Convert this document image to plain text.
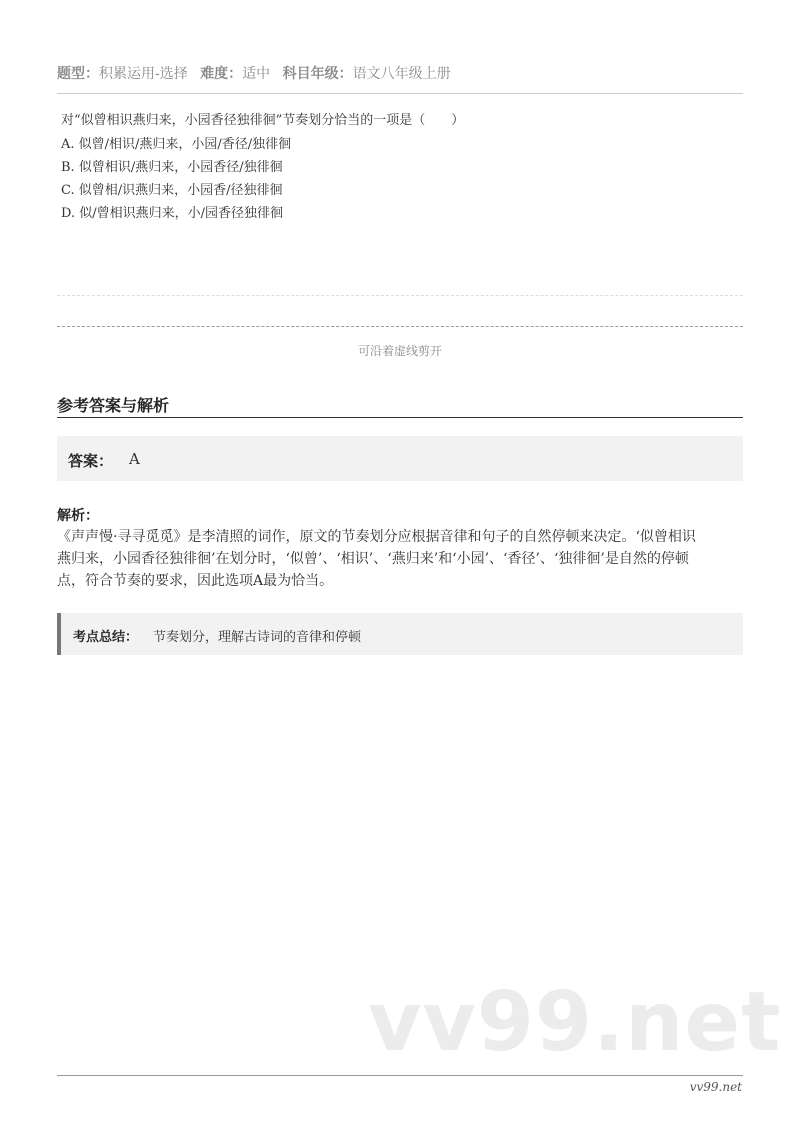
题型：积累运用-选择 难度：适中 科目年级：语文八年级上册
对“似曾相识燕归来，小园香径独徘徊”节奏划分恰当的一项是（　　）
A. 似曾/相识/燕归来，小园/香径/独徘徊
B. 似曾相识/燕归来，小园香径/独徘徊
C. 似曾相/识燕归来，小园香/径独徘徊
D. 似/曾相识燕归来，小/园香径独徘徊
可沿着虚线剪开
参考答案与解析
答案： A
解析：
《声声慢·寻寻觅觅》是李清照的词作，原文的节奏划分应根据音律和句子的自然停顿来决定。‘似曾相识燕归来，小园香径独徘徊’在划分时，‘似曾’、‘相识’、‘燕归来’和‘小园’、‘香径’、‘独徘徊’是自然的停顿点，符合节奏的要求，因此选项A最为恰当。
考点总结： 节奏划分，理解古诗词的音律和停顿
vv99.net
vv99.net
